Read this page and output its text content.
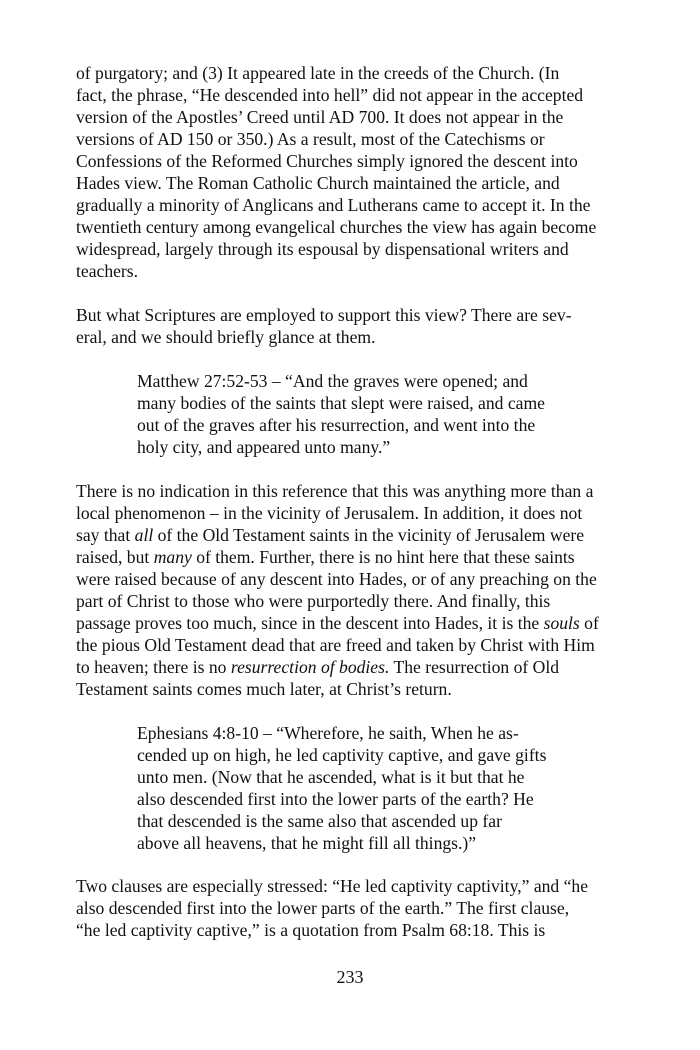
of purgatory; and (3) It appeared late in the creeds of the Church. (In
fact, the phrase, “He descended into hell” did not appear in the accepted
version of the Apostles’ Creed until AD 700. It does not appear in the
versions of AD 150 or 350.) As a result, most of the Catechisms or
Confessions of the Reformed Churches simply ignored the descent into
Hades view. The Roman Catholic Church maintained the article, and
gradually a minority of Anglicans and Lutherans came to accept it. In the
twentieth century among evangelical churches the view has again become
widespread, largely through its espousal by dispensational writers and
teachers.

But what Scriptures are employed to support this view? There are sev-
eral, and we should briefly glance at them.

Matthew 27:52-53 – “And the graves were opened; and
many bodies of the saints that slept were raised, and came
out of the graves after his resurrection, and went into the
holy city, and appeared unto many.”

There is no indication in this reference that this was anything more than a
local phenomenon – in the vicinity of Jerusalem. In addition, it does not
say that all of the Old Testament saints in the vicinity of Jerusalem were
raised, but many of them. Further, there is no hint here that these saints
were raised because of any descent into Hades, or of any preaching on the
part of Christ to those who were purportedly there. And finally, this
passage proves too much, since in the descent into Hades, it is the souls of
the pious Old Testament dead that are freed and taken by Christ with Him
to heaven; there is no resurrection of bodies. The resurrection of Old
Testament saints comes much later, at Christ’s return.

Ephesians 4:8-10 – “Wherefore, he saith, When he as-
cended up on high, he led captivity captive, and gave gifts
unto men. (Now that he ascended, what is it but that he
also descended first into the lower parts of the earth? He
that descended is the same also that ascended up far
above all heavens, that he might fill all things.)”

Two clauses are especially stressed: “He led captivity captivity,” and “he
also descended first into the lower parts of the earth.” The first clause,
“he led captivity captive,” is a quotation from Psalm 68:18. This is

233
